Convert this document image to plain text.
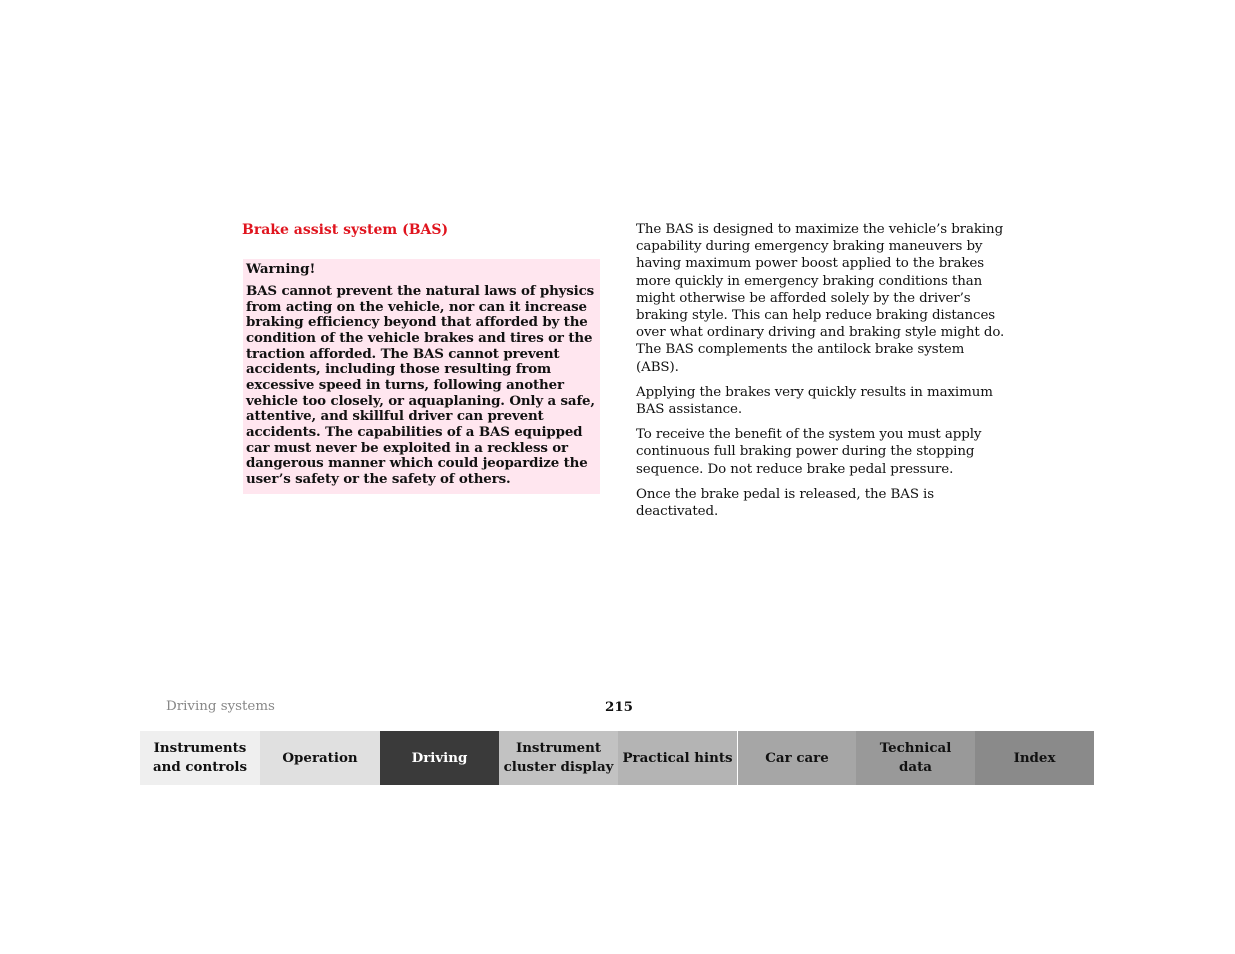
Brake assist system (BAS)

Warning!

BAS cannot prevent the natural laws of physics from acting on the vehicle, nor can it increase braking efficiency beyond that afforded by the condition of the vehicle brakes and tires or the traction afforded. The BAS cannot prevent accidents, including those resulting from excessive speed in turns, following another vehicle too closely, or aquaplaning. Only a safe, attentive, and skillful driver can prevent accidents. The capabilities of a BAS equipped car must never be exploited in a reckless or dangerous manner which could jeopardize the user’s safety or the safety of others.

The BAS is designed to maximize the vehicle’s braking capability during emergency braking maneuvers by having maximum power boost applied to the brakes more quickly in emergency braking conditions than might otherwise be afforded solely by the driver’s braking style. This can help reduce braking distances over what ordinary driving and braking style might do. The BAS complements the antilock brake system (ABS).

Applying the brakes very quickly results in maximum BAS assistance.

To receive the benefit of the system you must apply continuous full braking power during the stopping sequence. Do not reduce brake pedal pressure.

Once the brake pedal is released, the BAS is deactivated.

Driving systems	215
Instruments
and controls
Operation	Driving
Instrument
cluster display
Practical hints	Car care
Technical
data
Index
